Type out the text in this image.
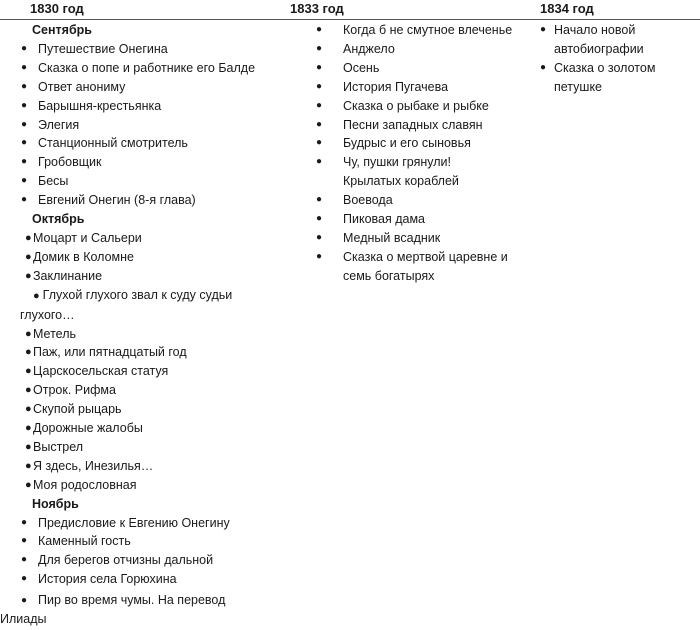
1830 год	1833 год	1834 год
Сентябрь
● Путешествие Онегина
● Сказка о попе и работнике его Балде
● Ответ анониму
● Барышня-крестьянка
● Элегия
● Станционный смотритель
● Гробовщик
● Бесы
● Евгений Онегин (8-я глава)
Октябрь
● Моцарт и Сальери
● Домик в Коломне
● Заклинание
● Глухой глухого звал к суду судьи глухого…
● Метель
● Паж, или пятнадцатый год
● Царскосельская статуя
● Отрок. Рифма
● Скупой рыцарь
● Дорожные жалобы
● Выстрел
● Я здесь, Инезилья…
● Моя родословная
Ноябрь
● Предисловие к Евгению Онегину
● Каменный гость
● Для берегов отчизны дальной
● История села Горюхина
● Пир во время чумы. На перевод Илиады
● Когда б не смутное влеченье
● Анджело
● Осень
● История Пугачева
● Сказка о рыбаке и рыбке
● Песни западных славян
● Будрыс и его сыновья
● Чу, пушки грянули! Крылатых кораблей
● Воевода
● Пиковая дама
● Медный всадник
● Сказка о мертвой царевне и семь богатырях
● Начало новой автобиографии
● Сказка о золотом петушке
